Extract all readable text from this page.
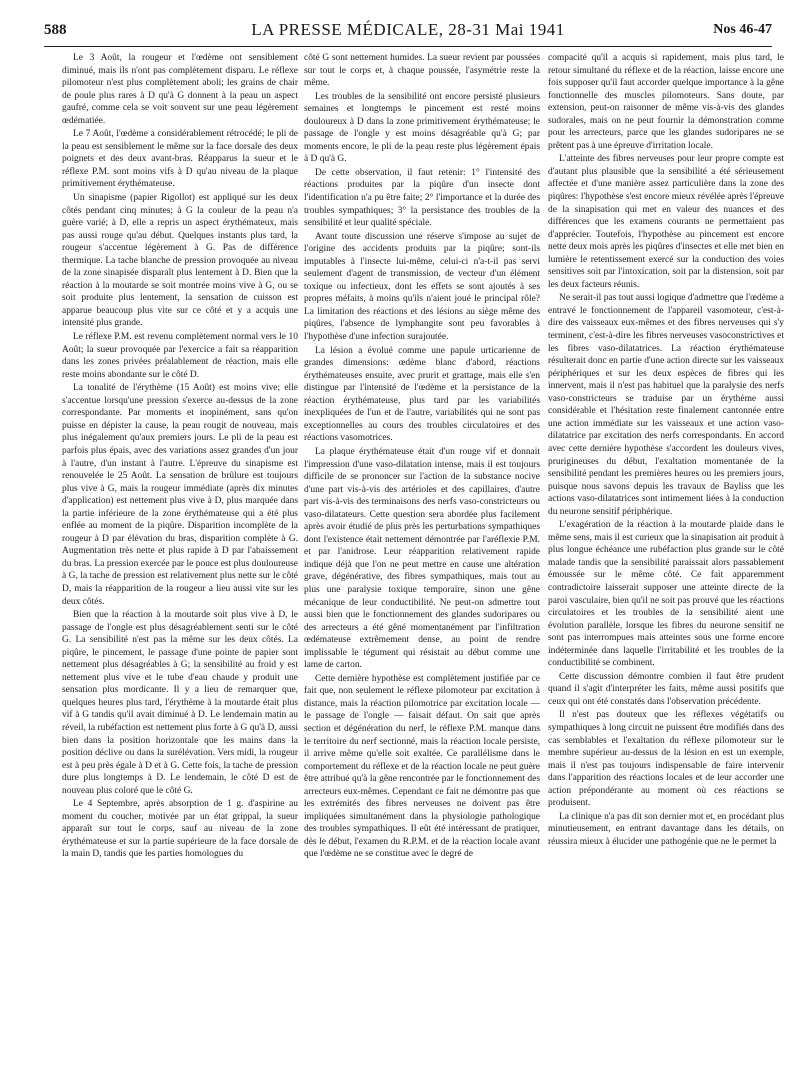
588	LA PRESSE MÉDICALE, 28-31 Mai 1941	Nos 46-47

Le 3 Août, la rougeur et l'œdème ont sensiblement diminué, mais ils n'ont pas complètement disparu. Le réflexe pilomoteur n'est plus complètement aboli; les grains de chair de poule plus rares à D qu'à G donnent à la peau un aspect gaufré, comme cela se voit souvent sur une peau légèrement œdématiée.

Le 7 Août, l'œdème a considérablement rétrocédé; le pli de la peau est sensiblement le même sur la face dorsale des deux poignets et des deux avant-bras. Réapparus la sueur et le réflexe P.M. sont moins vifs à D qu'au niveau de la plaque primitivement érythémateuse.

Un sinapisme (papier Rigollot) est appliqué sur les deux côtés pendant cinq minutes; à G la couleur de la peau n'a guère varié; à D, elle a repris un aspect érythémateux, mais pas aussi rouge qu'au début. Quelques instants plus tard, la rougeur s'accentue légèrement à G. Pas de différence thermique. La tache blanche de pression provoquée au niveau de la zone sinapisée disparaît plus lentement à D. Bien que la réaction à la moutarde se soit montrée moins vive à G, ou se soit produite plus lentement, la sensation de cuisson est apparue beaucoup plus vite sur ce côté et y a acquis une intensité plus grande.

Le réflexe P.M. est revenu complètement normal vers le 10 Août; la sueur provoquée par l'exercice a fait sa réapparition dans les zones privées préalablement de réaction, mais elle reste moins abondante sur le côté D.

La tonalité de l'érythème (15 Août) est moins vive; elle s'accentue lorsqu'une pression s'exerce au-dessus de la zone correspondante. Par moments et inopinément, sans qu'on puisse en dépister la cause, la peau rougit de nouveau, mais plus inégalement qu'aux premiers jours. Le pli de la peau est parfois plus épais, avec des variations assez grandes d'un jour à l'autre, d'un instant à l'autre. L'épreuve du sinapisme est renouvelée le 25 Août. La sensation de brûlure est toujours plus vive à G, mais la rougeur immédiate (après dix minutes d'application) est nettement plus vive à D, plus marquée dans la partie inférieure de la zone érythémateuse qui a été plus enflée au moment de la piqûre. Disparition incomplète de la rougeur à D par élévation du bras, disparition complète à G. Augmentation très nette et plus rapide à D par l'abaissement du bras. La pression exercée par le pouce est plus douloureuse à G, la tache de pression est relativement plus nette sur le côté D, mais la réapparition de la rougeur a lieu aussi vite sur les deux côtés.

Bien que la réaction à la moutarde soit plus vive à D, le passage de l'ongle est plus désagréablement senti sur le côté G. La sensibilité n'est pas la même sur les deux côtés. La piqûre, le pincement, le passage d'une pointe de papier sont nettement plus désagréables à G; la sensibilité au froid y est nettement plus vive et le tube d'eau chaude y produit une sensation plus mordicante. Il y a lieu de remarquer que, quelques heures plus tard, l'érythème à la moutarde était plus vif à G tandis qu'il avait diminué à D. Le lendemain matin au réveil, la rubéfaction est nettement plus forte à G qu'à D, aussi bien dans la position horizontale que les mains dans la position déclive ou dans la surélévation. Vers midi, la rougeur est à peu près égale à D et à G. Cette fois, la tache de pression dure plus longtemps à D. Le lendemain, le côté D est de nouveau plus coloré que le côté G.

Le 4 Septembre, après absorption de 1 g. d'aspirine au moment du coucher, motivée par un état grippal, la sueur apparaît sur tout le corps, sauf au niveau de la zone érythémateuse et sur la partie supérieure de la face dorsale de la main D, tandis que les parties homologues du

côté G sont nettement humides. La sueur revient par poussées sur tout le corps et, à chaque poussée, l'asymétrie reste la même.

Les troubles de la sensibilité ont encore persisté plusieurs semaines et longtemps le pincement est resté moins douloureux à D dans la zone primitivement érythémateuse; le passage de l'ongle y est moins désagréable qu'à G; par moments encore, le pli de la peau reste plus légèrement épais à D qu'à G.

De cette observation, il faut retenir: 1° l'intensité des réactions produites par la piqûre d'un insecte dont l'identification n'a pu être faite; 2° l'importance et la durée des troubles sympathiques; 3° la persistance des troubles de la sensibilité et leur qualité spéciale.

Avant toute discussion une réserve s'impose au sujet de l'origine des accidents produits par la piqûre; sont-ils imputables à l'insecte lui-même, celui-ci n'a-t-il pas servi seulement d'agent de transmission, de vecteur d'un élément toxique ou infectieux, dont les effets se sont ajoutés à ses propres méfaits, à moins qu'ils n'aient joué le principal rôle? La limitation des réactions et des lésions au siège même des piqûres, l'absence de lymphangite sont peu favorables à l'hypothèse d'une infection surajoutée.

La lésion a évolué comme une papule urticarienne de grandes dimensions: œdème blanc d'abord, réactions érythémateuses ensuite, avec prurit et grattage, mais elle s'en distingue par l'intensité de l'œdème et la persistance de la réaction érythémateuse, plus tard par les variabilités inexpliquées de l'un et de l'autre, variabilités qui ne sont pas exceptionnelles au cours des troubles circulatoires et des réactions vasomotrices.

La plaque érythémateuse était d'un rouge vif et donnait l'impression d'une vaso-dilatation intense, mais il est toujours difficile de se prononcer sur l'action de la substance nocive d'une part vis-à-vis des artérioles et des capillaires, d'autre part vis-à-vis des terminaisons des nerfs vaso-constricteurs ou vaso-dilatateurs. Cette question sera abordée plus facilement après avoir étudié de plus près les perturbations sympathiques dont l'existence était nettement démontrée par l'aréflexie P.M. et par l'anidrose. Leur réapparition relativement rapide indique déjà que l'on ne peut mettre en cause une altération grave, dégénérative, des fibres sympathiques, mais tout au plus une paralysie toxique temporaire, sinon une gêne mécanique de leur conductibilité. Ne peut-on admettre tout aussi bien que le fonctionnement des glandes sudoripares ou des arrecteurs a été gêné momentanément par l'infiltration œdémateuse extrêmement dense, au point de rendre implissable le tégument qui résistait au début comme une lame de carton.

Cette dernière hypothèse est complètement justifiée par ce fait que, non seulement le réflexe pilomoteur par excitation à distance, mais la réaction pilomotrice par excitation locale — le passage de l'ongle — faisait défaut. On sait que après section et dégénération du nerf, le réflexe P.M. manque dans le territoire du nerf sectionné, mais la réaction locale persiste, il arrive même qu'elle soit exaltée. Ce parallélisme dans le comportement du réflexe et de la réaction locale ne peut guère être attribué qu'à la gêne rencontrée par le fonctionnement des arrecteurs eux-mêmes. Cependant ce fait ne démontre pas que les extrémités des fibres nerveuses ne doivent pas être impliquées simultanément dans la physiologie pathologique des troubles sympathiques. Il eût été intéressant de pratiquer, dès le début, l'examen du R.P.M. et de la réaction locale avant que l'œdème ne se constitue avec le degré de

compacité qu'il a acquis si rapidement, mais plus tard, le retour simultané du réflexe et de la réaction, laisse encore une fois supposer qu'il faut accorder quelque importance à la gêne fonctionnelle des muscles pilomoteurs. Sans doute, par extension, peut-on raisonner de même vis-à-vis des glandes sudorales, mais on ne peut fournir la démonstration comme pour les arrecteurs, parce que les glandes sudoripares ne se prêtent pas à une épreuve d'irritation locale.

L'atteinte des fibres nerveuses pour leur propre compte est d'autant plus plausible que la sensibilité a été sérieusement affectée et d'une manière assez particulière dans la zone des piqûres: l'hypothèse s'est encore mieux révélée après l'épreuve de la sinapisation qui met en valeur des nuances et des différences que les examens courants ne permettaient pas d'apprécier. Toutefois, l'hypothèse au pincement est encore nette deux mois après les piqûres d'insectes et elle met bien en lumière le retentissement exercé sur la conduction des voies sensitives soit par l'intoxication, soit par la distension, soit par les deux facteurs réunis.

Ne serait-il pas tout aussi logique d'admettre que l'œdème a entravé le fonctionnement de l'appareil vasomoteur, c'est-à-dire des vaisseaux eux-mêmes et des fibres nerveuses qui s'y terminent, c'est-à-dire les fibres nerveuses vasoconstrictives et les fibres vaso-dilatatrices. La réaction érythémateuse résulterait donc en partie d'une action directe sur les vaisseaux périphériques et sur les deux espèces de fibres qui les innervent, mais il n'est pas habituel que la paralysie des nerfs vaso-constricteurs se traduise par un érythème aussi considérable et l'hésitation reste finalement cantonnée entre une action immédiate sur les vaisseaux et une action vaso-dilatatrice par excitation des nerfs correspondants. En accord avec cette dernière hypothèse s'accordent les douleurs vives, prurigineuses du début, l'exaltation momentanée de la sensibilité pendant les premières heures ou les premiers jours, puisque nous savons depuis les travaux de Bayliss que les actions vaso-dilatatrices sont intimement liées à la conduction du neurone sensitif périphérique.

L'exagération de la réaction à la moutarde plaide dans le même sens, mais il est curieux que la sinapisation ait produit à plus longue échéance une rubéfaction plus grande sur le côté malade tandis que la sensibilité paraissait alors passablement émoussée sur le même côté. Ce fait apparemment contradictoire laisserait supposer une atteinte directe de la paroi vasculaire, bien qu'il ne soit pas prouvé que les réactions circulatoires et les troubles de la sensibilité aient une évolution parallèle, lorsque les fibres du neurone sensitif ne sont pas interrompues mais atteintes sous une forme encore indéterminée dans laquelle l'irritabilité et les troubles de la conductibilité se combinent.

Cette discussion démontre combien il faut être prudent quand il s'agit d'interpréter les faits, même aussi positifs que ceux qui ont été constatés dans l'observation précédente.

Il n'est pas douteux que les réflexes végétatifs ou sympathiques à long circuit ne puissent être modifiés dans des cas semblables et l'exaltation du réflexe pilomoteur sur le membre supérieur au-dessus de la lésion en est un exemple, mais il n'est pas toujours indispensable de faire intervenir dans l'apparition des réactions locales et de leur accorder une action prépondérante au moment où ces réactions se produisent.

La clinique n'a pas dit son dernier mot et, en procédant plus minutieusement, en entrant davantage dans les détails, on réussira mieux à élucider une pathogénie que ne le permet la
